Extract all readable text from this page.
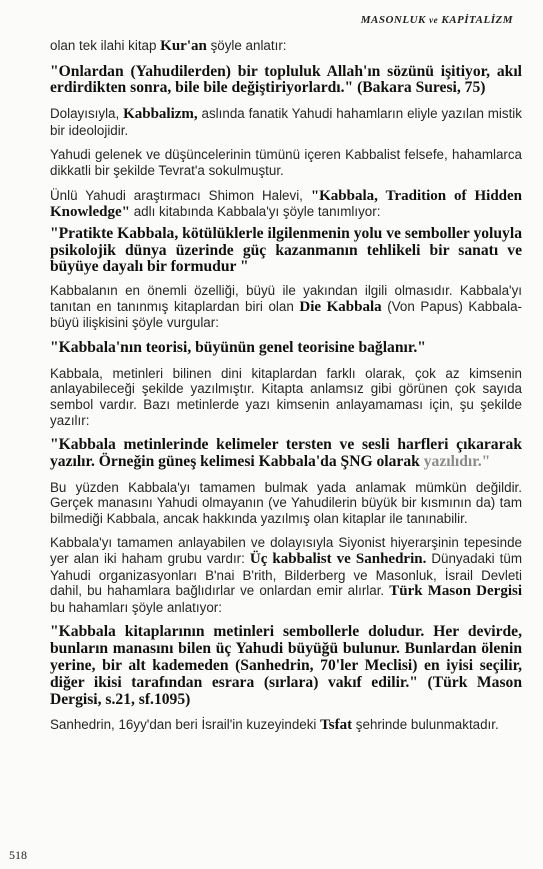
MASONLUK ve KAPİTALİZM

olan tek ilahi kitap Kur'an şöyle anlatır:

"Onlardan (Yahudilerden) bir topluluk Allah'ın sözünü işitiyor, akıl erdirdikten sonra, bile bile değiştiriyorlardı." (Bakara Suresi, 75)

Dolayısıyla, Kabbalizm, aslında fanatik Yahudi hahamların eliyle yazılan mistik bir ideolojidir.

Yahudi gelenek ve düşüncelerinin tümünü içeren Kabbalist felsefe, hahamlarca dikkatli bir şekilde Tevrat'a sokulmuştur.

Ünlü Yahudi araştırmacı Shimon Halevi, "Kabbala, Tradition of Hidden Knowledge" adlı kitabında Kabbala'yı şöyle tanımlıyor:

"Pratikte Kabbala, kötülüklerle ilgilenmenin yolu ve semboller yoluyla psikolojik dünya üzerinde güç kazanmanın tehlikeli bir sanatı ve büyüye dayalı bir formudur "

Kabbalanın en önemli özelliği, büyü ile yakından ilgili olmasıdır. Kabbala'yı tanıtan en tanınmış kitaplardan biri olan Die Kabbala (Von Papus) Kabbala-büyü ilişkisini şöyle vurgular:

"Kabbala'nın teorisi, büyünün genel teorisine bağlanır."

Kabbala, metinleri bilinen dini kitaplardan farklı olarak, çok az kimsenin anlayabileceği şekilde yazılmıştır. Kitapta anlamsız gibi görünen çok sayıda sembol vardır. Bazı metinlerde yazı kimsenin anlayamaması için, şu şekilde yazılır:

"Kabbala metinlerinde kelimeler tersten ve sesli harfleri çıkararak yazılır. Örneğin güneş kelimesi Kabbala'da ŞNG olarak yazılıdır."

Bu yüzden Kabbala'yı tamamen bulmak yada anlamak mümkün değildir. Gerçek manasını Yahudi olmayanın (ve Yahudilerin büyük bir kısmının da) tam bilmediği Kabbala, ancak hakkında yazılmış olan kitaplar ile tanınabilir.

Kabbala'yı tamamen anlayabilen ve dolayısıyla Siyonist hiyerarşinin tepesinde yer alan iki haham grubu vardır: Üç kabbalist ve Sanhedrin. Dünyadaki tüm Yahudi organizasyonları B'nai B'rith, Bilderberg ve Masonluk, İsrail Devleti dahil, bu hahamlara bağlıdırlar ve onlardan emir alırlar. Türk Mason Dergisi bu hahamları şöyle anlatıyor:

"Kabbala kitaplarının metinleri sembollerle doludur. Her devirde, bunların manasını bilen üç Yahudi büyüğü bulunur. Bunlardan ölenin yerine, bir alt kademeden (Sanhedrin, 70'ler Meclisi) en iyisi seçilir, diğer ikisi tarafından esrara (sırlara) vakıf edilir." (Türk Mason Dergisi, s.21, sf.1095)

Sanhedrin, 16yy'dan beri İsrail'in kuzeyindeki Tsfat şehrinde bulunmaktadır.

518
